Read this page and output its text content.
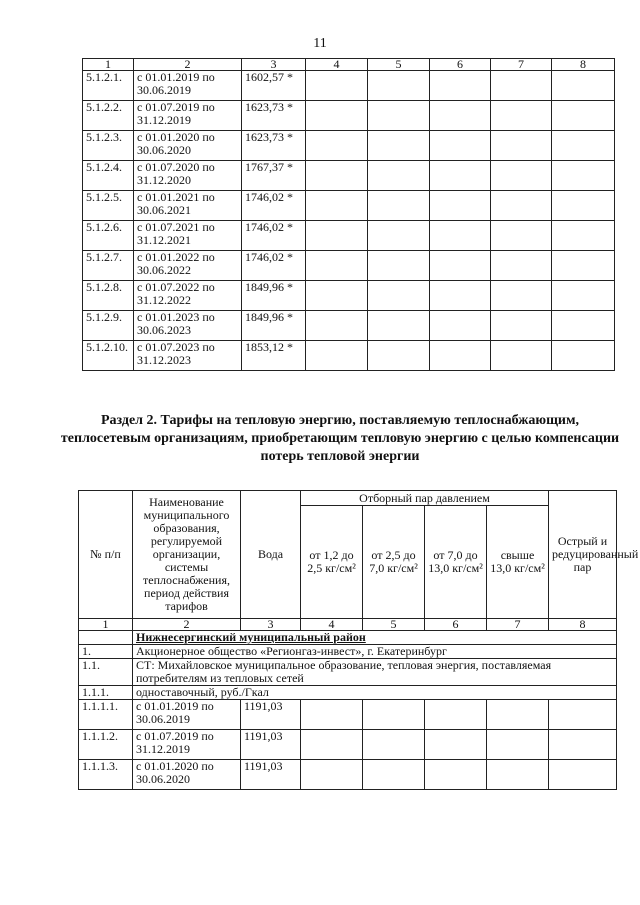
11
1	2	3	4	5	6	7	8
5.1.2.1.	с 01.01.2019 по 30.06.2019	1602,57 *					
5.1.2.2.	с 01.07.2019 по 31.12.2019	1623,73 *					
5.1.2.3.	с 01.01.2020 по 30.06.2020	1623,73 *					
5.1.2.4.	с 01.07.2020 по 31.12.2020	1767,37 *					
5.1.2.5.	с 01.01.2021 по 30.06.2021	1746,02 *					
5.1.2.6.	с 01.07.2021 по 31.12.2021	1746,02 *					
5.1.2.7.	с 01.01.2022 по 30.06.2022	1746,02 *					
5.1.2.8.	с 01.07.2022 по 31.12.2022	1849,96 *					
5.1.2.9.	с 01.01.2023 по 30.06.2023	1849,96 *					
5.1.2.10.	с 01.07.2023 по 31.12.2023	1853,12 *					
Раздел 2. Тарифы на тепловую энергию, поставляемую теплоснабжающим, теплосетевым организациям, приобретающим тепловую энергию с целью компенсации потерь тепловой энергии
№ п/п	Наименование муниципального образования, регулируемой организации, системы теплоснабжения, период действия тарифов	Вода	Отборный пар давлением				Острый и редуцированный пар
			от 1,2 до 2,5 кг/см²	от 2,5 до 7,0 кг/см²	от 7,0 до 13,0 кг/см²	свыше 13,0 кг/см²	
1	2	3	4	5	6	7	8
	Нижнесергинский муниципальный район						
1.	Акционерное общество «Регионгаз-инвест», г. Екатеринбург						
1.1.	СТ: Михайловское муниципальное образование, тепловая энергия, поставляемая потребителям из тепловых сетей						
1.1.1.	одноставочный, руб./Гкал						
1.1.1.1.	с 01.01.2019 по 30.06.2019	1191,03					
1.1.1.2.	с 01.07.2019 по 31.12.2019	1191,03					
1.1.1.3.	с 01.01.2020 по 30.06.2020	1191,03					
